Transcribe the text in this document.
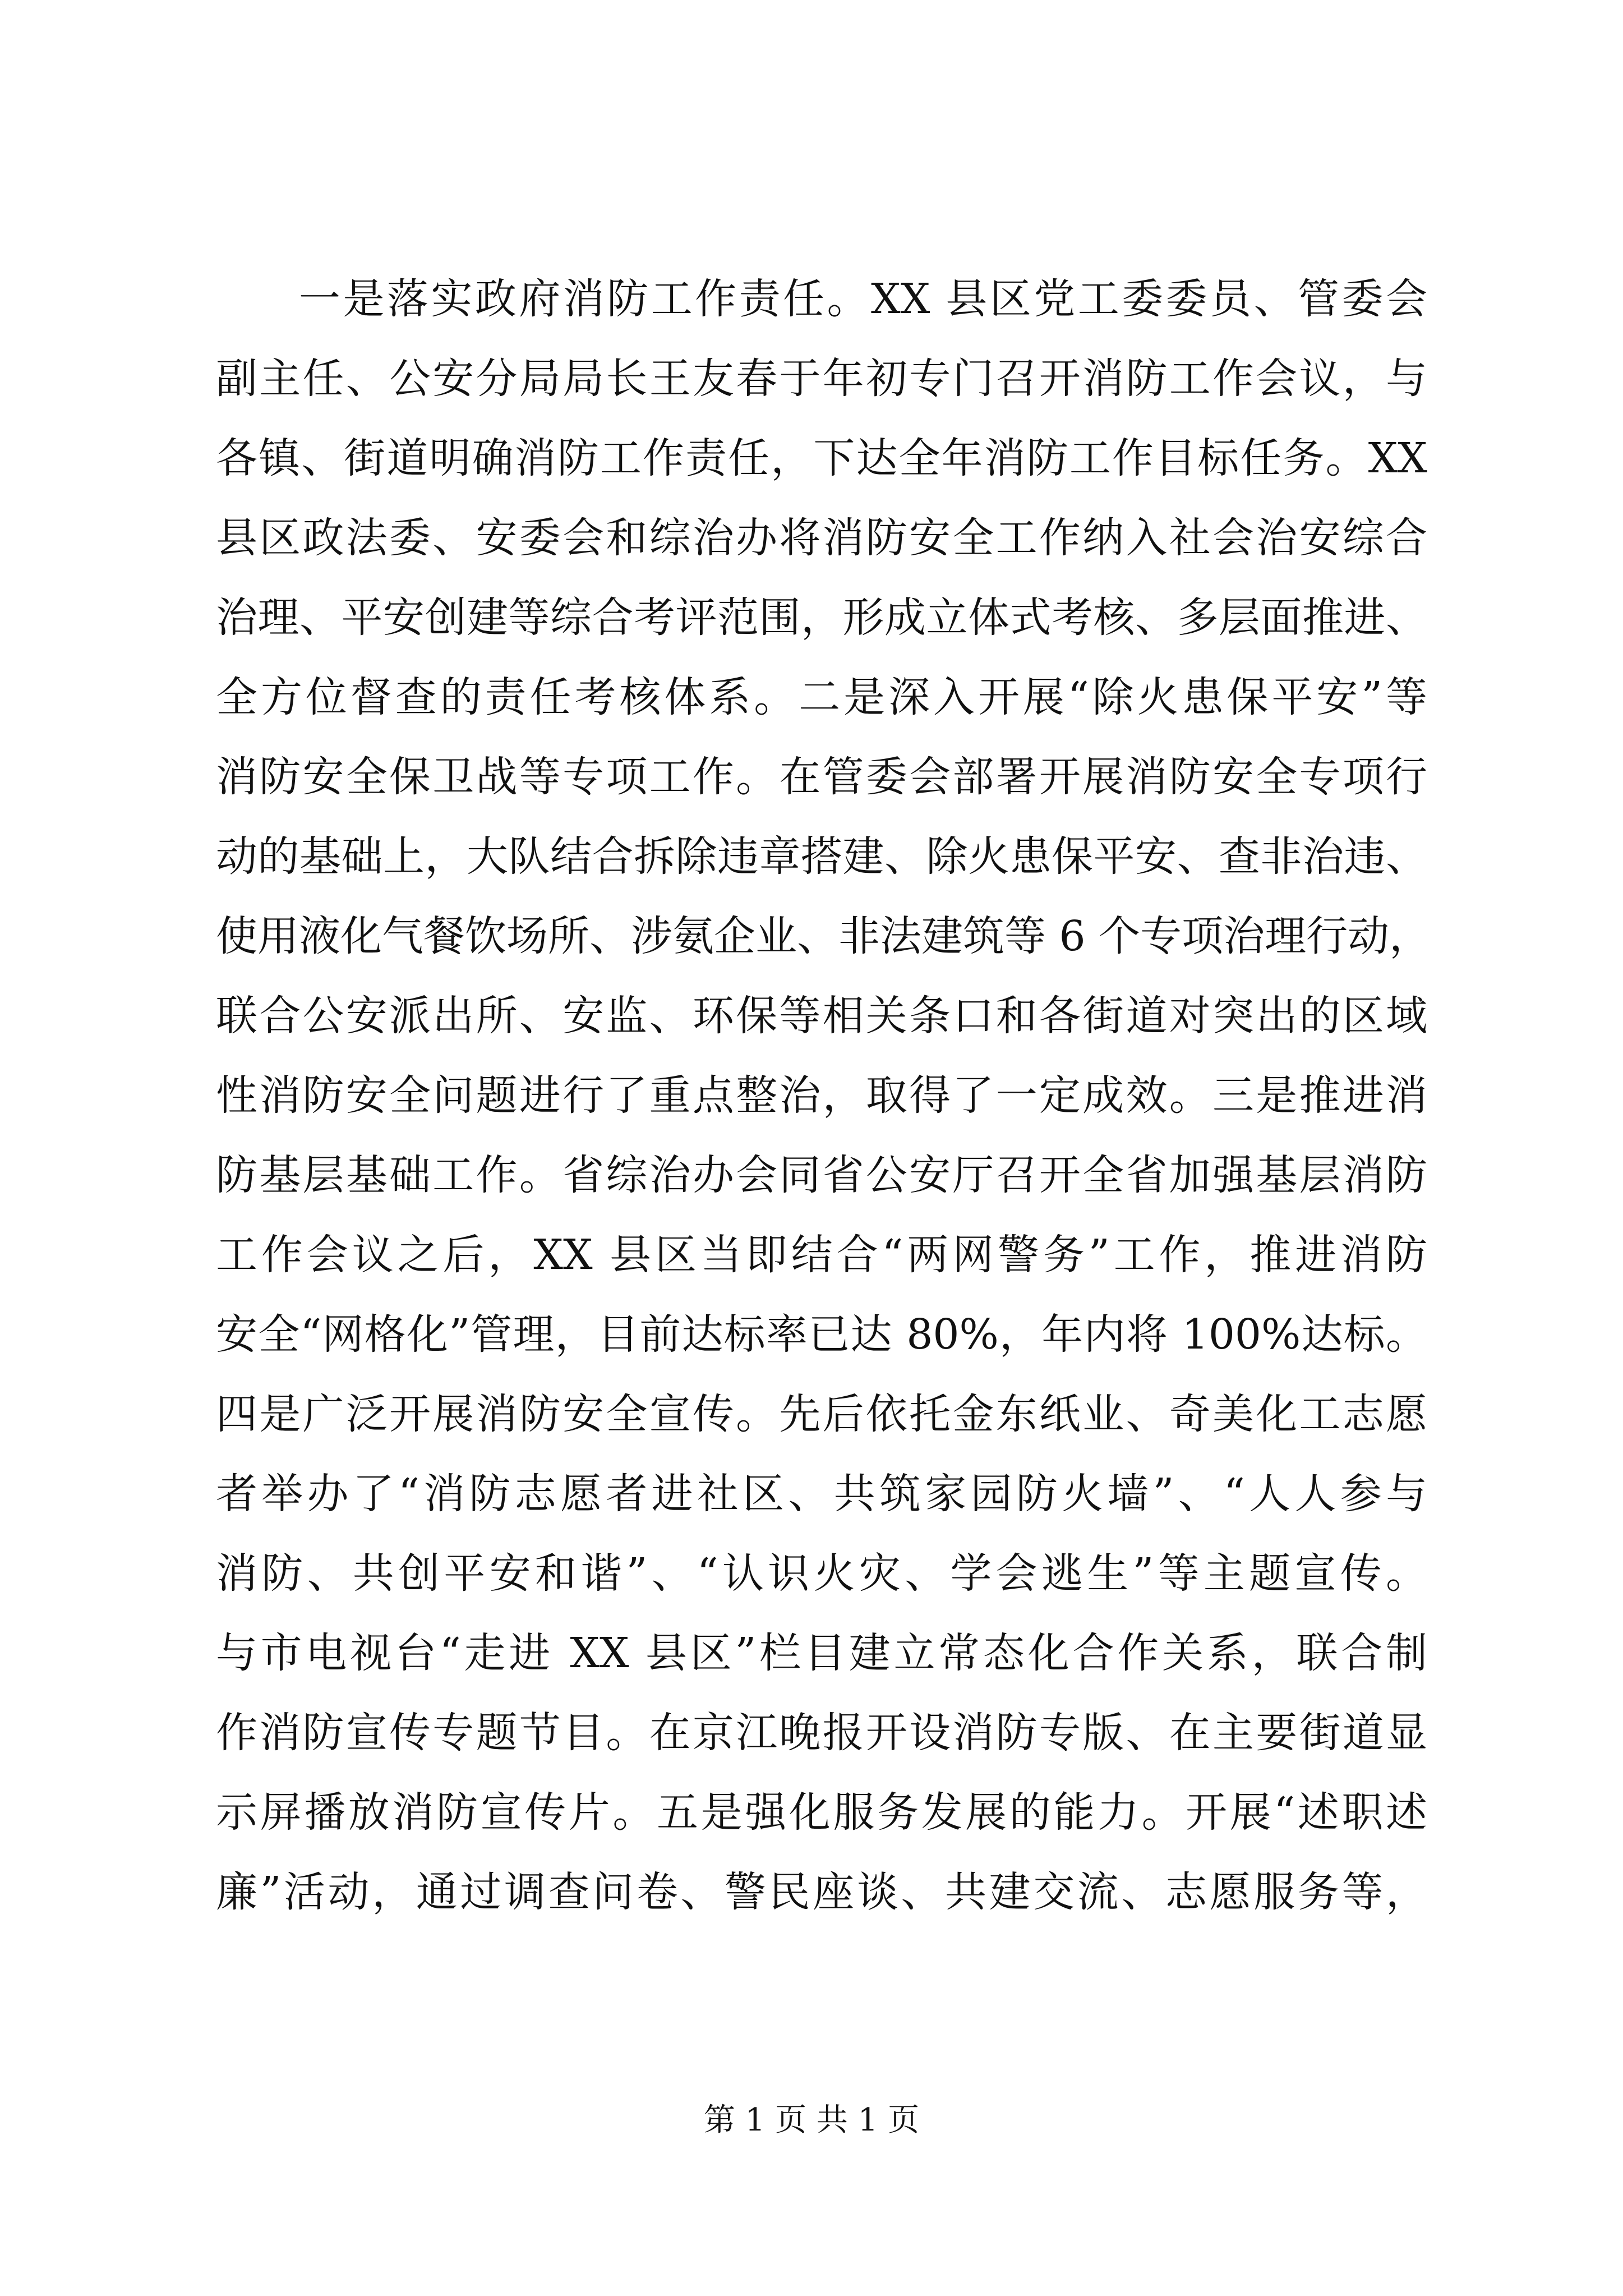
一是落实政府消防工作责任。XX 县区党工委委员、管委会
副主任、公安分局局长王友春于年初专门召开消防工作会议，与
各镇、街道明确消防工作责任，下达全年消防工作目标任务。XX
县区政法委、安委会和综治办将消防安全工作纳入社会治安综合
治理、平安创建等综合考评范围，形成立体式考核、多层面推进、
全方位督查的责任考核体系。二是深入开展“除火患保平安”等
消防安全保卫战等专项工作。在管委会部署开展消防安全专项行
动的基础上，大队结合拆除违章搭建、除火患保平安、查非治违、
使用液化气餐饮场所、涉氨企业、非法建筑等 6 个专项治理行动，
联合公安派出所、安监、环保等相关条口和各街道对突出的区域
性消防安全问题进行了重点整治，取得了一定成效。三是推进消
防基层基础工作。省综治办会同省公安厅召开全省加强基层消防
工作会议之后，XX 县区当即结合“两网警务”工作，推进消防
安全“网格化”管理，目前达标率已达 80%，年内将 100%达标。
四是广泛开展消防安全宣传。先后依托金东纸业、奇美化工志愿
者举办了“消防志愿者进社区、共筑家园防火墙”、“人人参与
消防、共创平安和谐”、“认识火灾、学会逃生”等主题宣传。
与市电视台“走进 XX 县区”栏目建立常态化合作关系，联合制
作消防宣传专题节目。在京江晚报开设消防专版、在主要街道显
示屏播放消防宣传片。五是强化服务发展的能力。开展“述职述
廉”活动，通过调查问卷、警民座谈、共建交流、志愿服务等，
第 1 页 共 1 页
